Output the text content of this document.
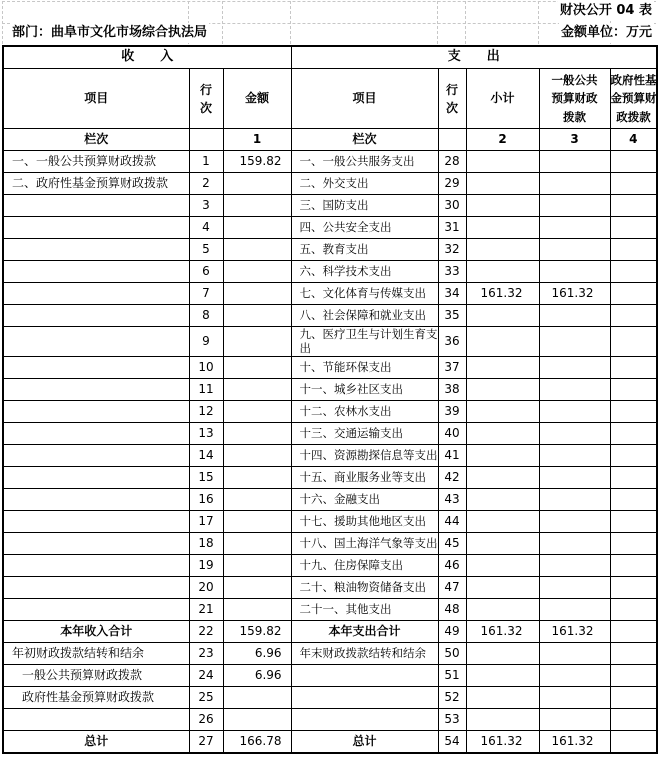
财决公开 04 表
部门：曲阜市文化市场综合执法局	金额单位：万元
收　　入			支　　出				
项目	行次	金额	项目	行次	小计	一般公共预算财政拨款	政府性基金预算财政拨款
栏次		1	栏次		2	3	4
一、一般公共预算财政拨款	1	159.82	一、一般公共服务支出	28			
二、政府性基金预算财政拨款	2		二、外交支出	29			
	3		三、国防支出	30			
	4		四、公共安全支出	31			
	5		五、教育支出	32			
	6		六、科学技术支出	33			
	7		七、文化体育与传媒支出	34	161.32	161.32	
	8		八、社会保障和就业支出	35			
	9		九、医疗卫生与计划生育支出	36			
	10		十、节能环保支出	37			
	11		十一、城乡社区支出	38			
	12		十二、农林水支出	39			
	13		十三、交通运输支出	40			
	14		十四、资源勘探信息等支出	41			
	15		十五、商业服务业等支出	42			
	16		十六、金融支出	43			
	17		十七、援助其他地区支出	44			
	18		十八、国土海洋气象等支出	45			
	19		十九、住房保障支出	46			
	20		二十、粮油物资储备支出	47			
	21		二十一、其他支出	48			
本年收入合计	22	159.82	本年支出合计	49	161.32	161.32	
年初财政拨款结转和结余	23	6.96	年末财政拨款结转和结余	50			
一般公共预算财政拨款	24	6.96		51			
政府性基金预算财政拨款	25			52			
	26			53			
总计	27	166.78	总计	54	161.32	161.32	
